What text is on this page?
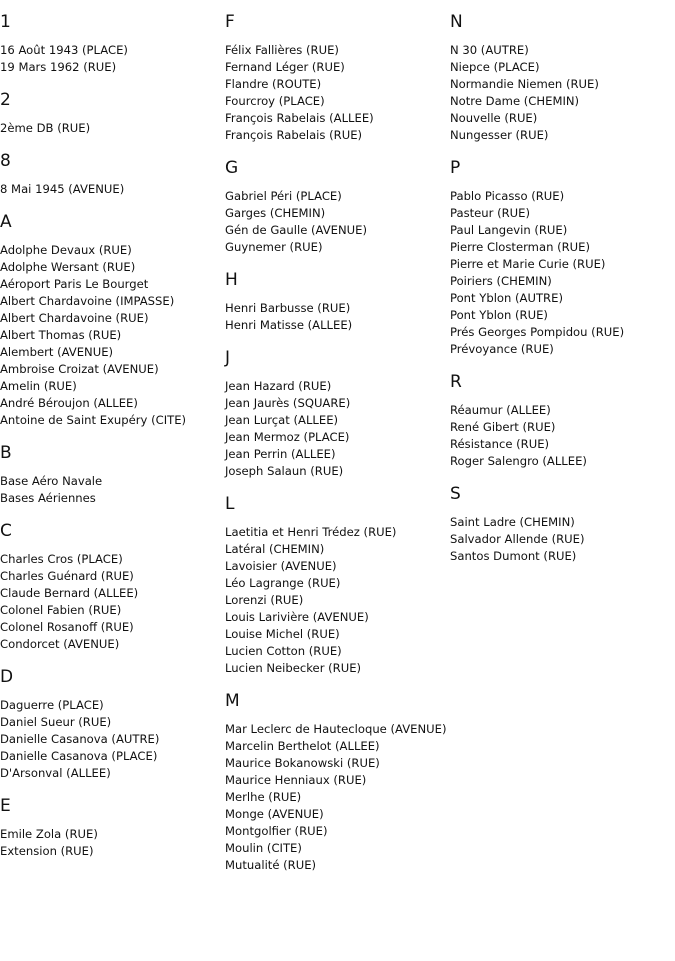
1
16 Août 1943 (PLACE)
19 Mars 1962 (RUE)
2
2ème DB (RUE)
8
8 Mai 1945 (AVENUE)
A
Adolphe Devaux (RUE)
Adolphe Wersant (RUE)
Aéroport Paris Le Bourget
Albert Chardavoine (IMPASSE)
Albert Chardavoine (RUE)
Albert Thomas (RUE)
Alembert (AVENUE)
Ambroise Croizat (AVENUE)
Amelin (RUE)
André Béroujon (ALLEE)
Antoine de Saint Exupéry (CITE)
B
Base Aéro Navale
Bases Aériennes
C
Charles Cros (PLACE)
Charles Guénard (RUE)
Claude Bernard (ALLEE)
Colonel Fabien (RUE)
Colonel Rosanoff (RUE)
Condorcet (AVENUE)
D
Daguerre (PLACE)
Daniel Sueur (RUE)
Danielle Casanova (AUTRE)
Danielle Casanova (PLACE)
D'Arsonval (ALLEE)
E
Emile Zola (RUE)
Extension (RUE)
F
Félix Fallières (RUE)
Fernand Léger (RUE)
Flandre (ROUTE)
Fourcroy (PLACE)
François Rabelais (ALLEE)
François Rabelais (RUE)
G
Gabriel Péri (PLACE)
Garges (CHEMIN)
Gén de Gaulle (AVENUE)
Guynemer (RUE)
H
Henri Barbusse (RUE)
Henri Matisse (ALLEE)
J
Jean Hazard (RUE)
Jean Jaurès (SQUARE)
Jean Lurçat (ALLEE)
Jean Mermoz (PLACE)
Jean Perrin (ALLEE)
Joseph Salaun (RUE)
L
Laetitia et Henri Trédez (RUE)
Latéral (CHEMIN)
Lavoisier (AVENUE)
Léo Lagrange (RUE)
Lorenzi (RUE)
Louis Larivière (AVENUE)
Louise Michel (RUE)
Lucien Cotton (RUE)
Lucien Neibecker (RUE)
M
Mar Leclerc de Hautecloque (AVENUE)
Marcelin Berthelot (ALLEE)
Maurice Bokanowski (RUE)
Maurice Henniaux (RUE)
Merlhe (RUE)
Monge (AVENUE)
Montgolfier (RUE)
Moulin (CITE)
Mutualité (RUE)
N
N 30 (AUTRE)
Niepce (PLACE)
Normandie Niemen (RUE)
Notre Dame (CHEMIN)
Nouvelle (RUE)
Nungesser (RUE)
P
Pablo Picasso (RUE)
Pasteur (RUE)
Paul Langevin (RUE)
Pierre Closterman (RUE)
Pierre et Marie Curie (RUE)
Poiriers (CHEMIN)
Pont Yblon (AUTRE)
Pont Yblon (RUE)
Prés Georges Pompidou (RUE)
Prévoyance (RUE)
R
Réaumur (ALLEE)
René Gibert (RUE)
Résistance (RUE)
Roger Salengro (ALLEE)
S
Saint Ladre (CHEMIN)
Salvador Allende (RUE)
Santos Dumont (RUE)
